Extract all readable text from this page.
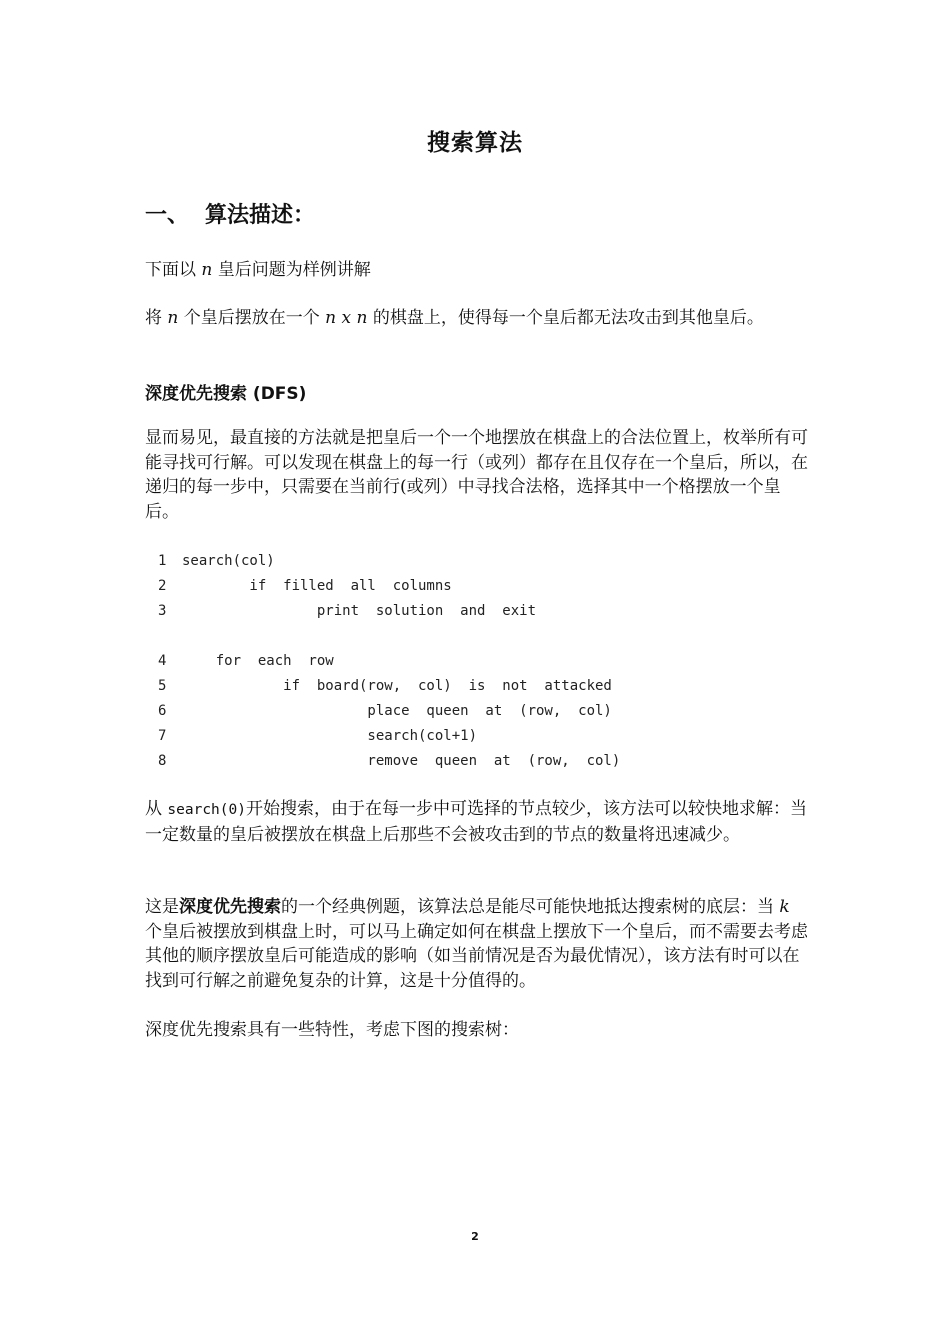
搜索算法
一、 算法描述：
下面以 n 皇后问题为样例讲解
将 n 个皇后摆放在一个 n x n 的棋盘上，使得每一个皇后都无法攻击到其他皇后。
深度优先搜索 (DFS)
显而易见，最直接的方法就是把皇后一个一个地摆放在棋盘上的合法位置上，枚举所有可能寻找可行解。可以发现在棋盘上的每一行（或列）都存在且仅存在一个皇后，所以，在递归的每一步中，只需要在当前行(或列）中寻找合法格，选择其中一个格摆放一个皇后。
1 search(col)
2        if  filled  all  columns
3                print  solution  and  exit
4    for  each  row
5            if  board(row,  col)  is  not  attacked
6                      place  queen  at  (row,  col)
7                      search(col+1)
8                      remove  queen  at  (row,  col)
从 search(0)开始搜索，由于在每一步中可选择的节点较少，该方法可以较快地求解：当一定数量的皇后被摆放在棋盘上后那些不会被攻击到的节点的数量将迅速减少。
这是深度优先搜索的一个经典例题，该算法总是能尽可能快地抵达搜索树的底层：当 k 个皇后被摆放到棋盘上时，可以马上确定如何在棋盘上摆放下一个皇后，而不需要去考虑其他的顺序摆放皇后可能造成的影响（如当前情况是否为最优情况），该方法有时可以在找到可行解之前避免复杂的计算，这是十分值得的。
深度优先搜索具有一些特性，考虑下图的搜索树：
2
